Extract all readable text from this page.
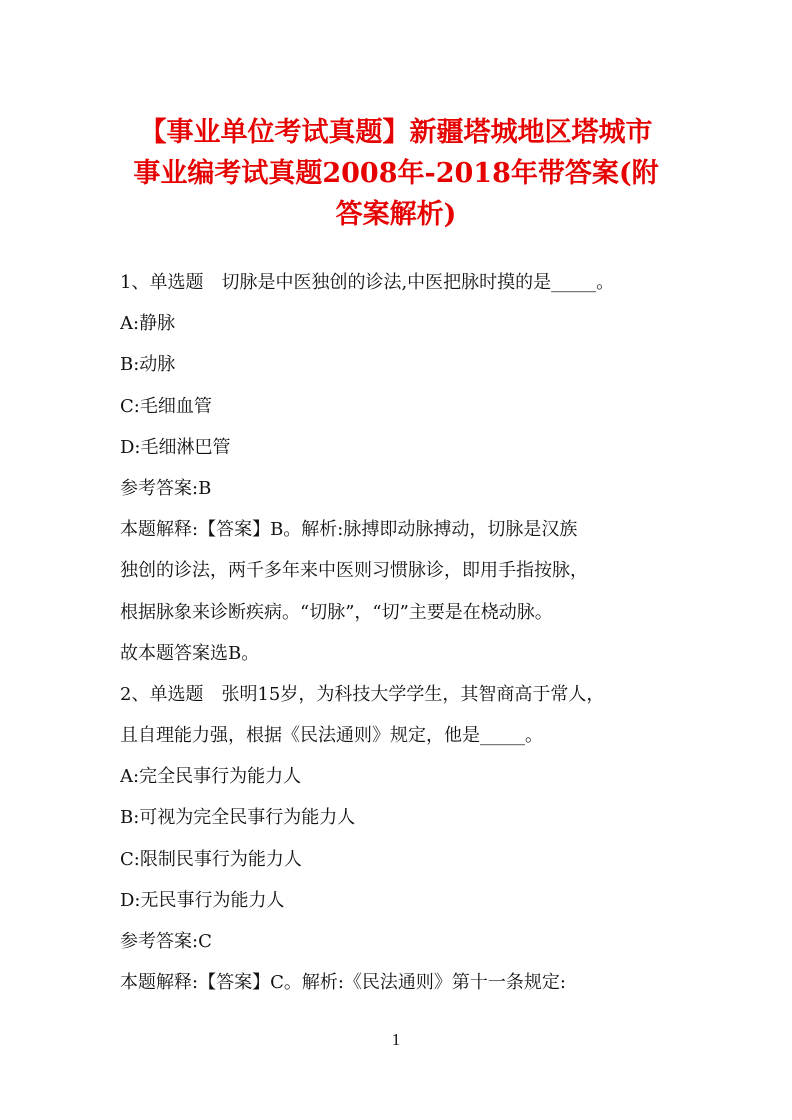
【事业单位考试真题】新疆塔城地区塔城市
事业编考试真题2008年-2018年带答案(附
答案解析)
1、单选题　切脉是中医独创的诊法,中医把脉时摸的是_____。
A:静脉
B:动脉
C:毛细血管
D:毛细淋巴管
参考答案:B
本题解释:【答案】B。解析:脉搏即动脉搏动，切脉是汉族
独创的诊法，两千多年来中医则习惯脉诊，即用手指按脉，
根据脉象来诊断疾病。“切脉”，“切”主要是在桡动脉。
故本题答案选B。
2、单选题　张明15岁，为科技大学学生，其智商高于常人，
且自理能力强，根据《民法通则》规定，他是_____。
A:完全民事行为能力人
B:可视为完全民事行为能力人
C:限制民事行为能力人
D:无民事行为能力人
参考答案:C
本题解释:【答案】C。解析:《民法通则》第十一条规定:
1
